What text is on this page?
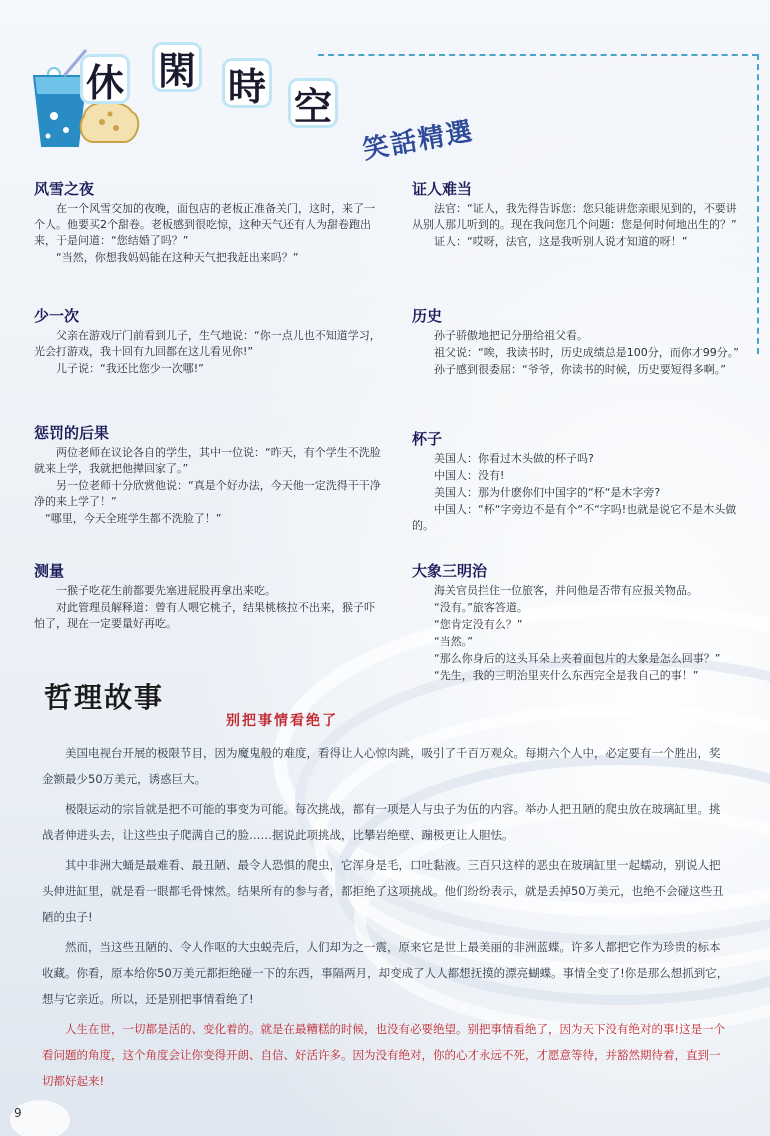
休 閑 時 空
笑話精選
风雪之夜

在一个风雪交加的夜晚，面包店的老板正准备关门，这时，来了一个人。他要买2个甜卷。老板感到很吃惊，这种天气还有人为甜卷跑出来，于是问道：“您结婚了吗？”

“当然，你想我妈妈能在这种天气把我赶出来吗？”

少一次

父亲在游戏厅门前看到儿子，生气地说：“你一点儿也不知道学习，光会打游戏，我十回有九回都在这儿看见你!”

儿子说：“我还比您少一次哪!”

惩罚的后果

两位老师在议论各自的学生，其中一位说：“昨天，有个学生不洗脸就来上学，我就把他撵回家了。”

另一位老师十分欣赏他说：“真是个好办法，今天他一定洗得干干净净的来上学了！”

“哪里，今天全班学生都不洗脸了！”

测量

一猴子吃花生前都要先塞进屁股再拿出来吃。

对此管理员解释道：曾有人喂它桃子，结果桃核拉不出来，猴子吓怕了，现在一定要量好再吃。

证人难当

法官：“证人，我先得告诉您：您只能讲您亲眼见到的，不要讲从别人那儿听到的。现在我问您几个问题：您是何时何地出生的？”

证人：“哎呀，法官，这是我听别人说才知道的呀！”

历史

孙子骄傲地把记分册给祖父看。

祖父说：“唉，我读书时，历史成绩总是100分，而你才99分。”

孙子感到很委屈：“爷爷，你读书的时候，历史要短得多啊。”

杯子

美国人：你看过木头做的杯子吗?

中国人：没有!

美国人：那为什麽你们中国字的“杯“是木字旁?

中国人：“杯“字旁边不是有个“不“字吗!也就是说它不是木头做的。

大象三明治

海关官员拦住一位旅客，并问他是否带有应报关物品。

“没有。”旅客答道。

“您肯定没有么？”

“当然。”

“那么你身后的这头耳朵上夹着面包片的大象是怎么回事？”

“先生，我的三明治里夹什么东西完全是我自己的事！”

哲理故事
别把事情看绝了

美国电视台开展的极限节目，因为魔鬼般的难度，看得让人心惊肉跳，吸引了千百万观众。每期六个人中，必定要有一个胜出，奖金额最少50万美元，诱惑巨大。

极限运动的宗旨就是把不可能的事变为可能。每次挑战，都有一项是人与虫子为伍的内容。举办人把丑陋的爬虫放在玻璃缸里。挑战者伸进头去，让这些虫子爬满自己的脸……据说此项挑战，比攀岩绝壁、蹦极更让人胆怯。

其中非洲大蛹是最难看、最丑陋、最令人恐惧的爬虫，它浑身是毛，口吐黏液。三百只这样的恶虫在玻璃缸里一起蠕动，别说人把头伸进缸里，就是看一眼都毛骨悚然。结果所有的参与者，都拒绝了这项挑战。他们纷纷表示，就是丢掉50万美元，也绝不会碰这些丑陋的虫子!

然而，当这些丑陋的、令人作呕的大虫蜕壳后，人们却为之一震，原来它是世上最美丽的非洲蓝蝶。许多人都把它作为珍贵的标本收藏。你看，原本给你50万美元都拒绝碰一下的东西，事隔两月，却变成了人人都想抚摸的漂亮蝴蝶。事情全变了!你是那么想抓到它，想与它亲近。所以，还是别把事情看绝了!

人生在世，一切都是活的、变化着的。就是在最糟糕的时候，也没有必要绝望。别把事情看绝了，因为天下没有绝对的事!这是一个看问题的角度，这个角度会让你变得开朗、自信、好活许多。因为没有绝对，你的心才永远不死，才愿意等待，并豁然期待着，直到一切都好起来!

9
